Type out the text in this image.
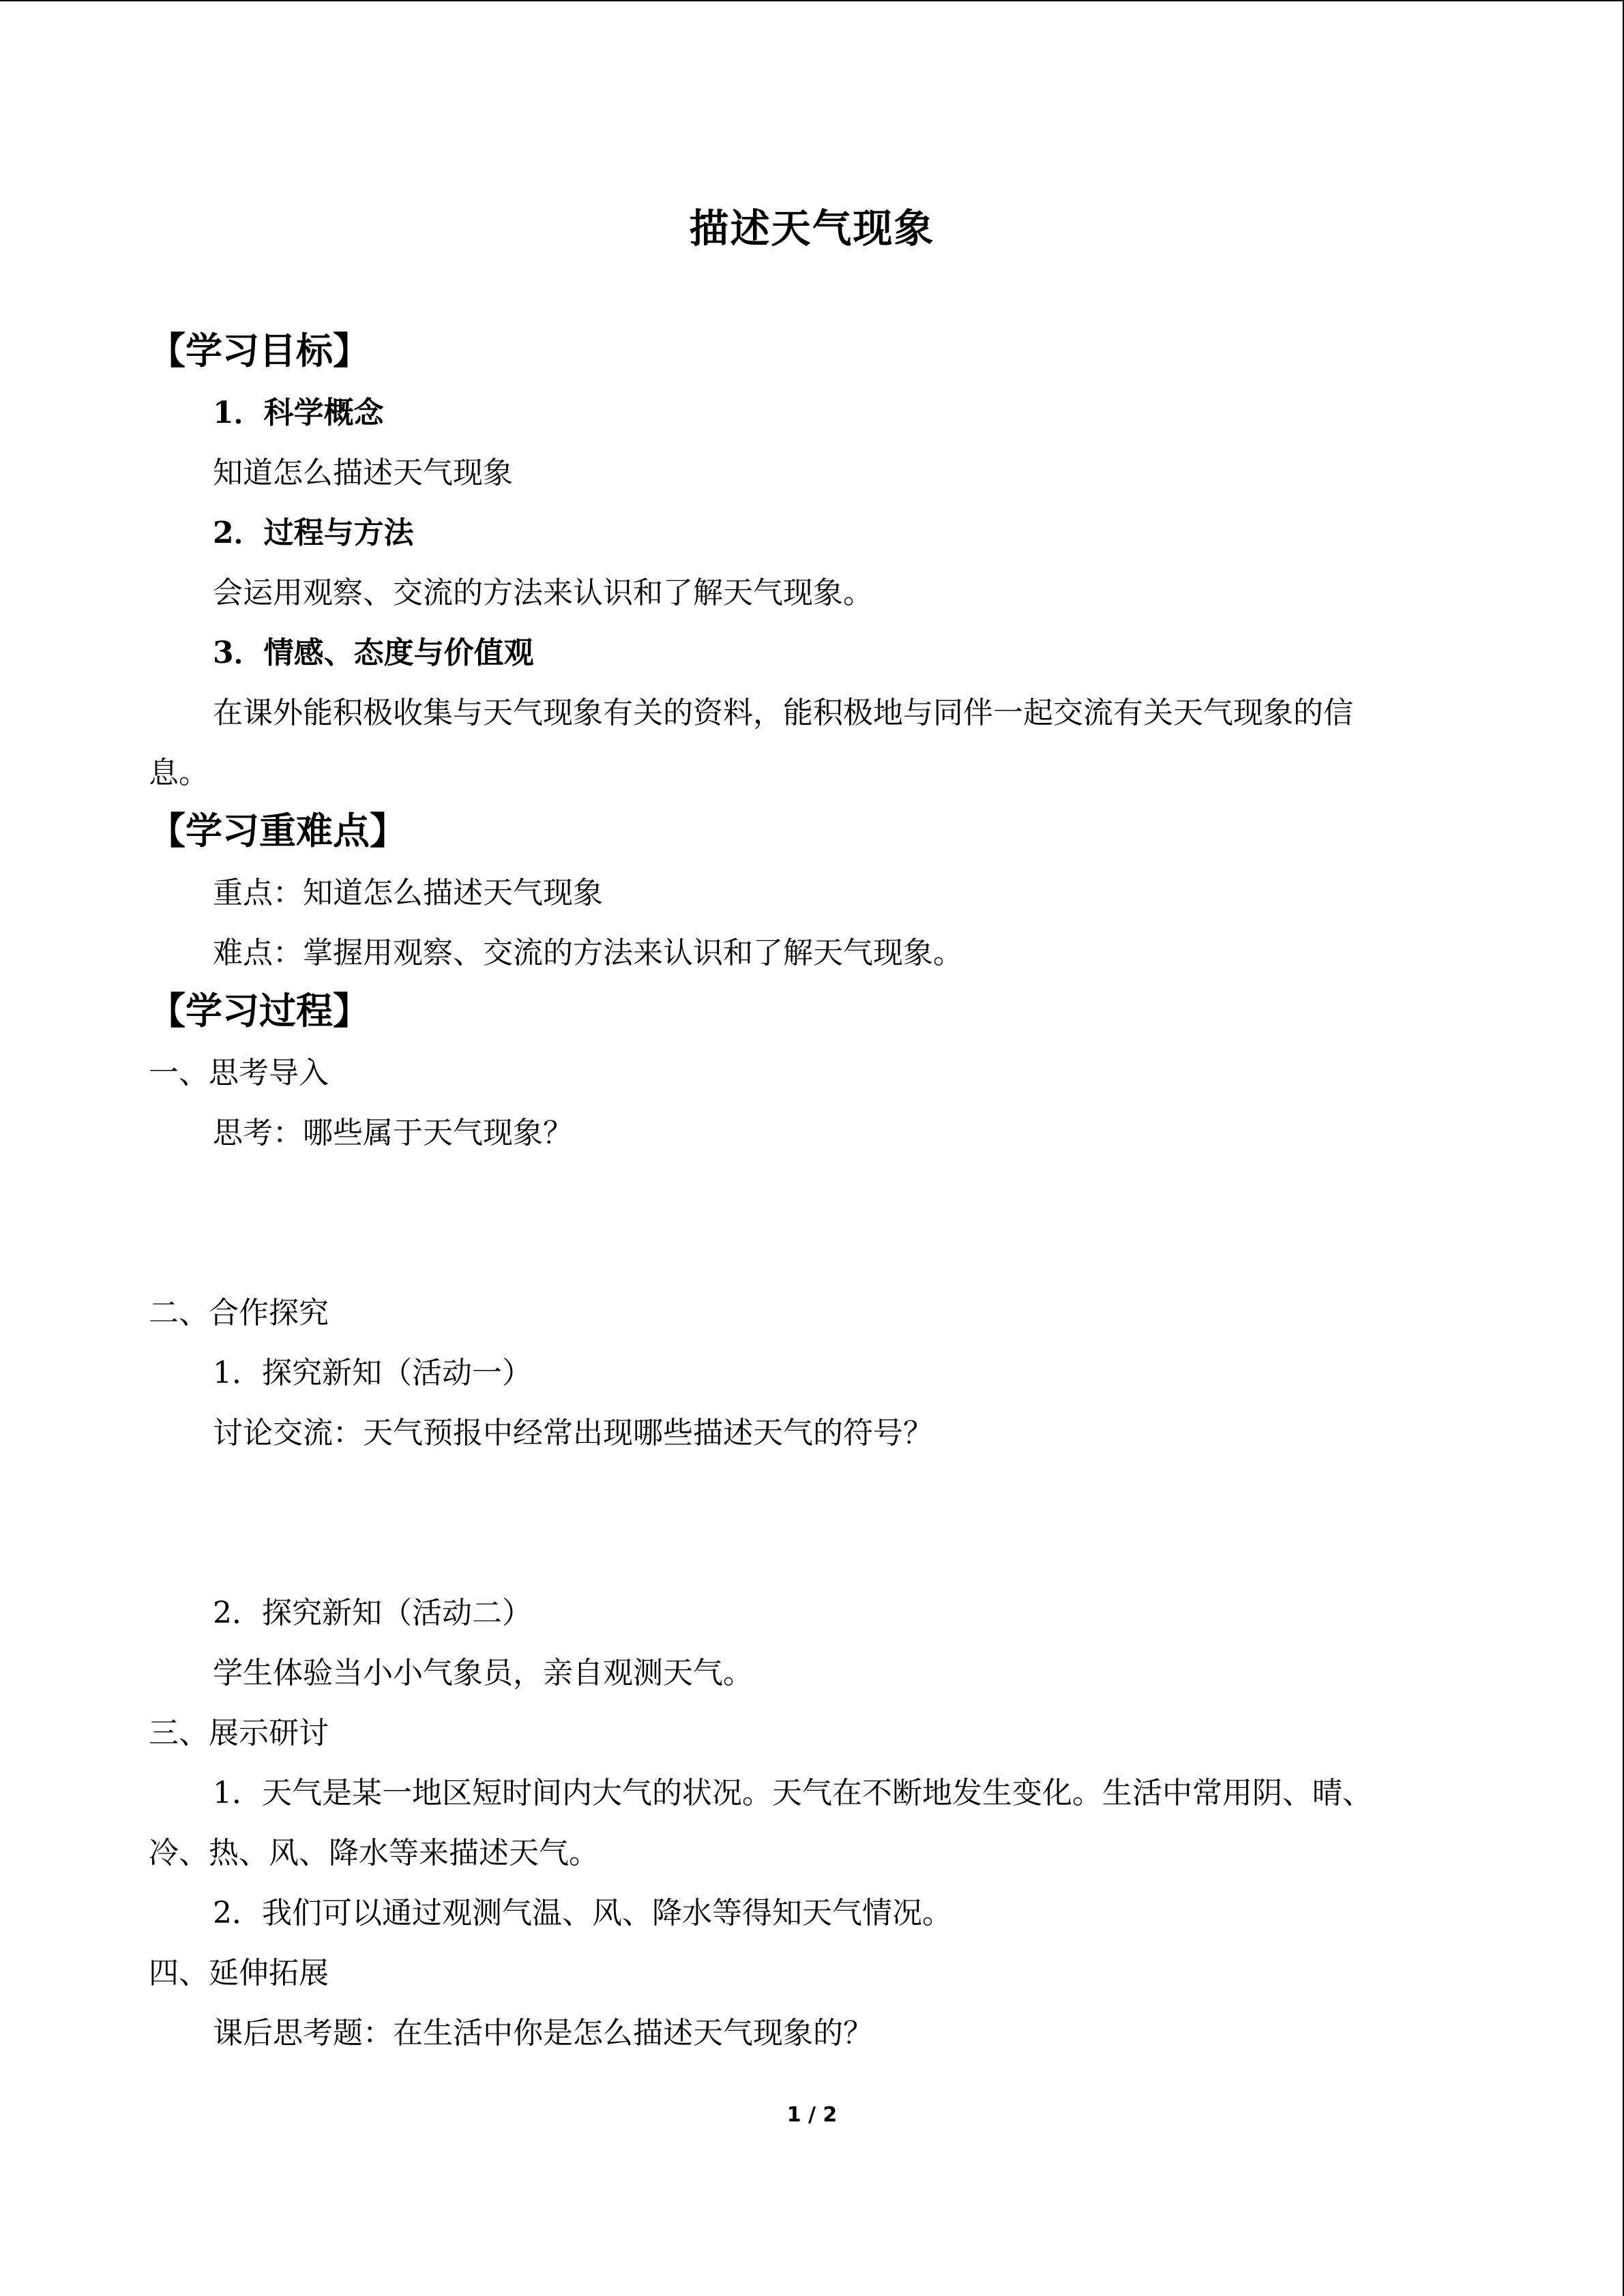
描述天气现象
【学习目标】
1．科学概念
知道怎么描述天气现象
2．过程与方法
会运用观察、交流的方法来认识和了解天气现象。
3．情感、态度与价值观
在课外能积极收集与天气现象有关的资料，能积极地与同伴一起交流有关天气现象的信
息。
【学习重难点】
重点：知道怎么描述天气现象
难点：掌握用观察、交流的方法来认识和了解天气现象。
【学习过程】
一、思考导入
思考：哪些属于天气现象？
二、合作探究
1．探究新知（活动一）
讨论交流：天气预报中经常出现哪些描述天气的符号？
2．探究新知（活动二）
学生体验当小小气象员，亲自观测天气。
三、展示研讨
1．天气是某一地区短时间内大气的状况。天气在不断地发生变化。生活中常用阴、晴、
冷、热、风、降水等来描述天气。
2．我们可以通过观测气温、风、降水等得知天气情况。
四、延伸拓展
课后思考题：在生活中你是怎么描述天气现象的？
1 / 2
